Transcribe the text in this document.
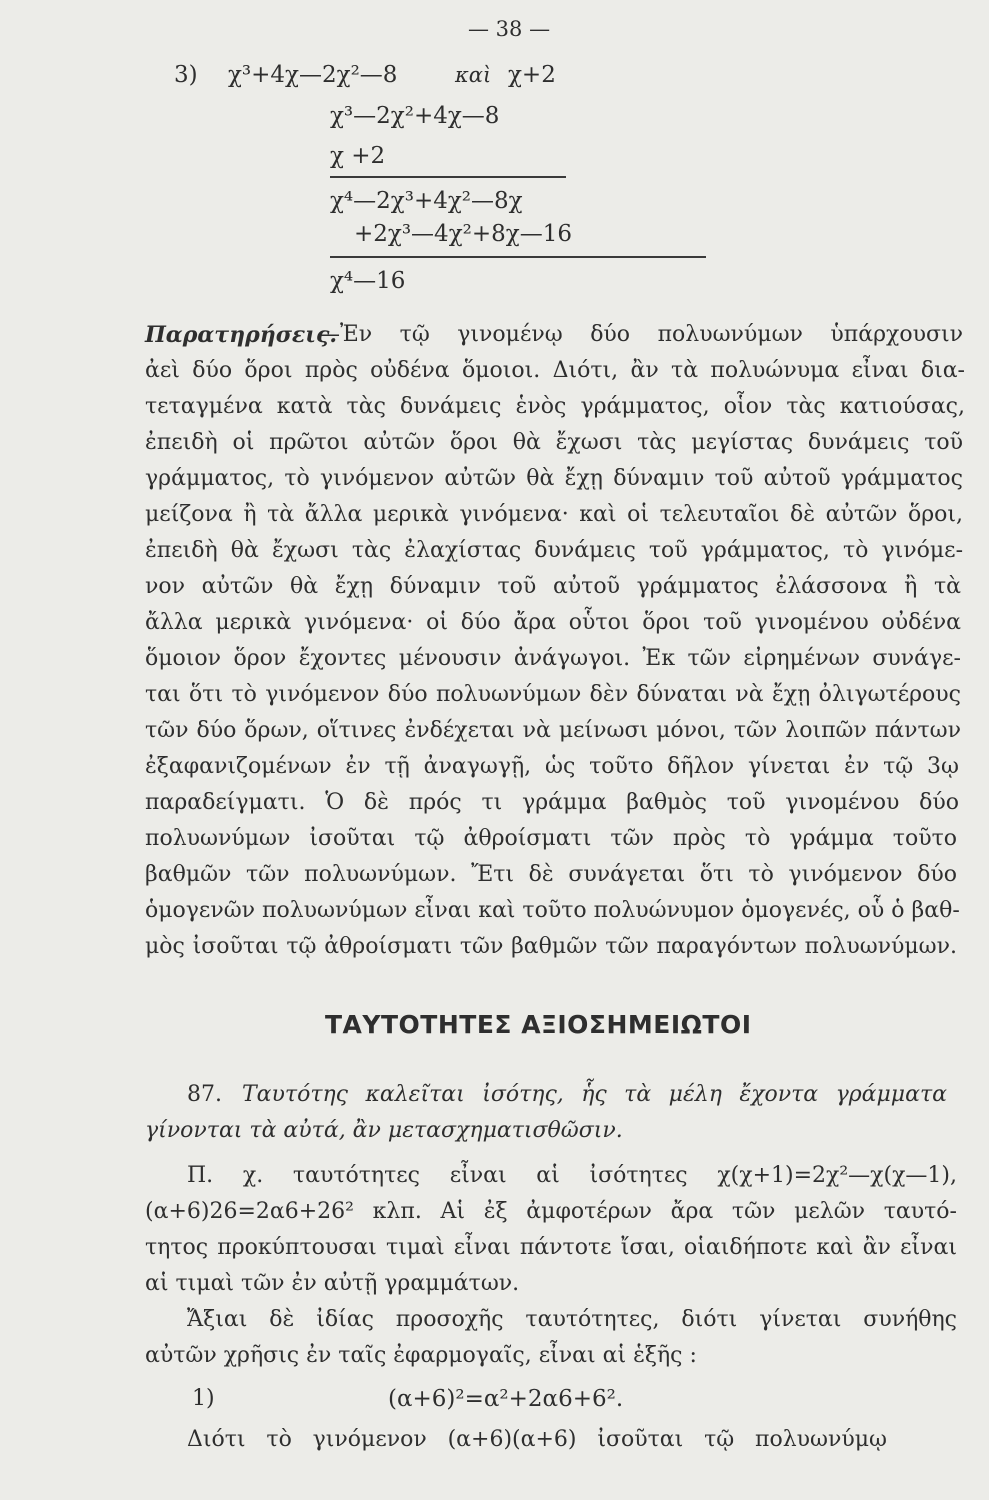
— 38 —
3) χ³+4χ—2χ²—8	καὶ χ+2
χ³—2χ²+4χ—8
χ +2
χ⁴—2χ³+4χ²—8χ
+2χ³—4χ²+8χ—16
χ⁴—16
Παρατηρήσεις.
—Ἐν τῷ γινομένῳ δύο πολυωνύμων ὑπάρχουσιν
ἀεὶ δύο ὅροι πρὸς οὐδένα ὅμοιοι. Διότι, ἂν τὰ πολυώνυμα εἶναι δια-
τεταγμένα κατὰ τὰς δυνάμεις ἑνὸς γράμματος, οἷον τὰς κατιούσας,
ἐπειδὴ οἱ πρῶτοι αὐτῶν ὅροι θὰ ἔχωσι τὰς μεγίστας δυνάμεις τοῦ
γράμματος, τὸ γινόμενον αὐτῶν θὰ ἔχῃ δύναμιν τοῦ αὐτοῦ γράμματος
μείζονα ἢ τὰ ἄλλα μερικὰ γινόμενα· καὶ οἱ τελευταῖοι δὲ αὐτῶν ὅροι,
ἐπειδὴ θὰ ἔχωσι τὰς ἐλαχίστας δυνάμεις τοῦ γράμματος, τὸ γινόμε-
νον αὐτῶν θὰ ἔχῃ δύναμιν τοῦ αὐτοῦ γράμματος ἐλάσσονα ἢ τὰ
ἄλλα μερικὰ γινόμενα· οἱ δύο ἄρα οὗτοι ὅροι τοῦ γινομένου οὐδένα
ὅμοιον ὅρον ἔχοντες μένουσιν ἀνάγωγοι. Ἐκ τῶν εἰρημένων συνάγε-
ται ὅτι τὸ γινόμενον δύο πολυωνύμων δὲν δύναται νὰ ἔχῃ ὀλιγωτέρους
τῶν δύο ὅρων, οἵτινες ἐνδέχεται νὰ μείνωσι μόνοι, τῶν λοιπῶν πάντων
ἐξαφανιζομένων ἐν τῇ ἀναγωγῇ, ὡς τοῦτο δῆλον γίνεται ἐν τῷ 3ῳ
παραδείγματι. Ὁ δὲ πρός τι γράμμα βαθμὸς τοῦ γινομένου δύο
πολυωνύμων ἰσοῦται τῷ ἀθροίσματι τῶν πρὸς τὸ γράμμα τοῦτο
βαθμῶν τῶν πολυωνύμων. Ἔτι δὲ συνάγεται ὅτι τὸ γινόμενον δύο
ὁμογενῶν πολυωνύμων εἶναι καὶ τοῦτο πολυώνυμον ὁμογενές, οὗ ὁ βαθ-
μὸς ἰσοῦται τῷ ἀθροίσματι τῶν βαθμῶν τῶν παραγόντων πολυωνύμων.
ΤΑΥΤΟΤΗΤΕΣ ΑΞΙΟΣΗΜΕΙΩΤΟΙ
87. Ταυτότης καλεῖται ἰσότης, ἧς τὰ μέλη ἔχοντα γράμματα
γίνονται τὰ αὐτά, ἂν μετασχηματισθῶσιν.
Π. χ. ταυτότητες εἶναι αἱ ἰσότητες χ(χ+1)=2χ²—χ(χ—1),
(α+6)26=2α6+26² κλπ. Αἱ ἐξ ἀμφοτέρων ἄρα τῶν μελῶν ταυτό-
τητος προκύπτουσαι τιμαὶ εἶναι πάντοτε ἴσαι, οἱαιδήποτε καὶ ἂν εἶναι
αἱ τιμαὶ τῶν ἐν αὐτῇ γραμμάτων.
Ἄξιαι δὲ ἰδίας προσοχῆς ταυτότητες, διότι γίνεται συνήθης
αὐτῶν χρῆσις ἐν ταῖς ἐφαρμογαῖς, εἶναι αἱ ἑξῆς :
1)	(α+6)²=α²+2α6+6².
Διότι τὸ γινόμενον (α+6)(α+6) ἰσοῦται τῷ πολυωνύμῳ
